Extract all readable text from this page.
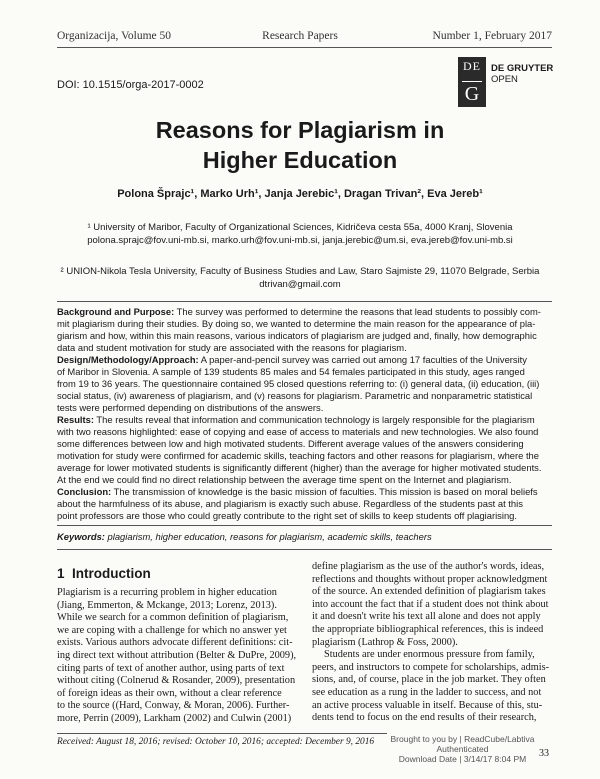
Organizacija, Volume 50	Research Papers	Number 1, February 2017
DOI: 10.1515/orga-2017-0002
DE
G
DE GRUYTER
OPEN
Reasons for Plagiarism in
Higher Education
Polona Šprajc¹, Marko Urh¹, Janja Jerebic¹, Dragan Trivan², Eva Jereb¹
¹ University of Maribor, Faculty of Organizational Sciences, Kidričeva cesta 55a, 4000 Kranj, Slovenia
polona.sprajc@fov.uni-mb.si, marko.urh@fov.uni-mb.si, janja.jerebic@um.si, eva.jereb@fov.uni-mb.si
² UNION-Nikola Tesla University, Faculty of Business Studies and Law, Staro Sajmiste 29, 11070 Belgrade, Serbia
dtrivan@gmail.com
Background and Purpose: The survey was performed to determine the reasons that lead students to possibly com-
mit plagiarism during their studies. By doing so, we wanted to determine the main reason for the appearance of pla-
giarism and how, within this main reasons, various indicators of plagiarism are judged and, finally, how demographic
data and student motivation for study are associated with the reasons for plagiarism.
Design/Methodology/Approach: A paper-and-pencil survey was carried out among 17 faculties of the University
of Maribor in Slovenia. A sample of 139 students 85 males and 54 females participated in this study, ages ranged
from 19 to 36 years. The questionnaire contained 95 closed questions referring to: (i) general data, (ii) education, (iii)
social status, (iv) awareness of plagiarism, and (v) reasons for plagiarism. Parametric and nonparametric statistical
tests were performed depending on distributions of the answers.
Results: The results reveal that information and communication technology is largely responsible for the plagiarism
with two reasons highlighted: ease of copying and ease of access to materials and new technologies. We also found
some differences between low and high motivated students. Different average values of the answers considering
motivation for study were confirmed for academic skills, teaching factors and other reasons for plagiarism, where the
average for lower motivated students is significantly different (higher) than the average for higher motivated students.
At the end we could find no direct relationship between the average time spent on the Internet and plagiarism.
Conclusion: The transmission of knowledge is the basic mission of faculties. This mission is based on moral beliefs
about the harmfulness of its abuse, and plagiarism is exactly such abuse. Regardless of the students past at this
point professors are those who could greatly contribute to the right set of skills to keep students off plagiarising.
Keywords: plagiarism, higher education, reasons for plagiarism, academic skills, teachers
1 Introduction
Plagiarism is a recurring problem in higher education
(Jiang, Emmerton, & Mckange, 2013; Lorenz, 2013).
While we search for a common definition of plagiarism,
we are coping with a challenge for which no answer yet
exists. Various authors advocate different definitions: cit-
ing direct text without attribution (Belter & DuPre, 2009),
citing parts of text of another author, using parts of text
without citing (Colnerud & Rosander, 2009), presentation
of foreign ideas as their own, without a clear reference
to the source ((Hard, Conway, & Moran, 2006). Further-
more, Perrin (2009), Larkham (2002) and Culwin (2001)
define plagiarism as the use of the author's words, ideas,
reflections and thoughts without proper acknowledgment
of the source. An extended definition of plagiarism takes
into account the fact that if a student does not think about
it and doesn't write his text all alone and does not apply
the appropriate bibliographical references, this is indeed
plagiarism (Lathrop & Foss, 2000).
Students are under enormous pressure from family,
peers, and instructors to compete for scholarships, admis-
sions, and, of course, place in the job market. They often
see education as a rung in the ladder to success, and not
an active process valuable in itself. Because of this, stu-
dents tend to focus on the end results of their research,
Received: August 18, 2016; revised: October 10, 2016; accepted: December 9, 2016	Brought to you by | ReadCube/Labtiva
Authenticated
Download Date | 3/14/17 8:04 PM	33
